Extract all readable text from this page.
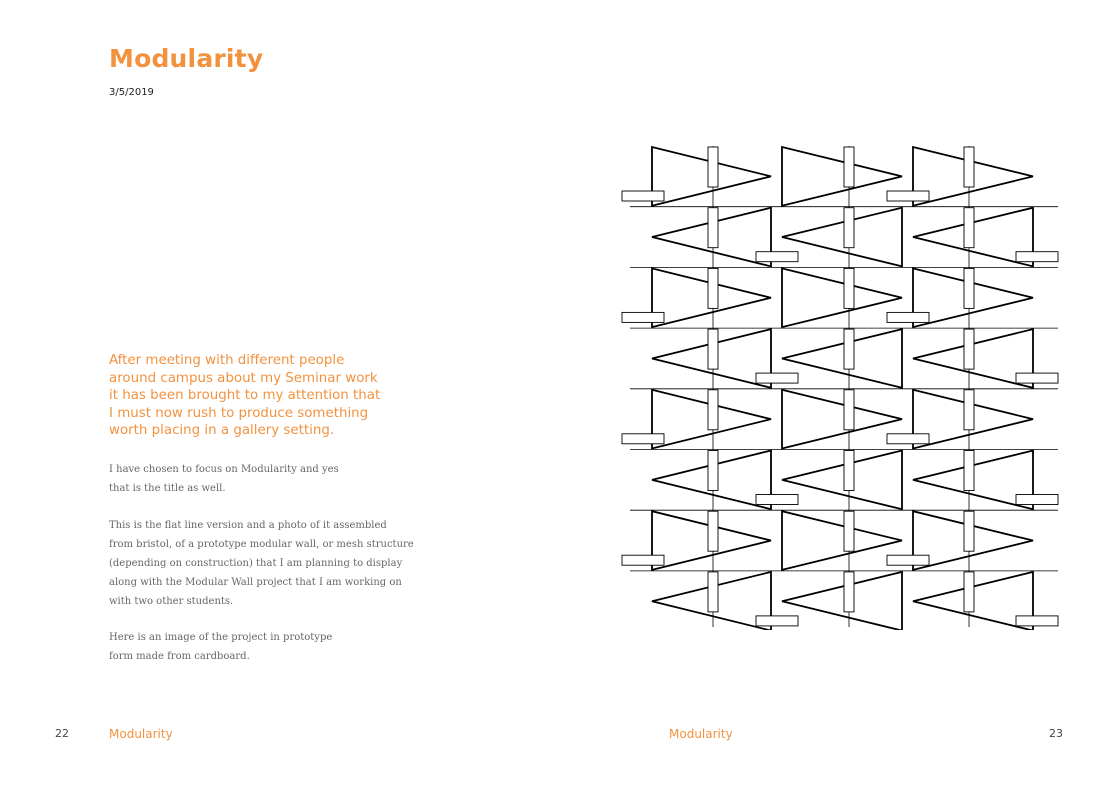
Modularity
3/5/2019
After meeting with different people
around campus about my Seminar work
it has been brought to my attention that
I must now rush to produce something
worth placing in a gallery setting.
I have chosen to focus on Modularity and yes
that is the title as well.
This is the flat line version and a photo of it assembled
from bristol, of a prototype modular wall, or mesh structure
(depending on construction) that I am planning to display
along with the Modular Wall project that I am working on
with two other students.
Here is an image of the project in prototype
form made from cardboard.
22	Modularity	Modularity	23
